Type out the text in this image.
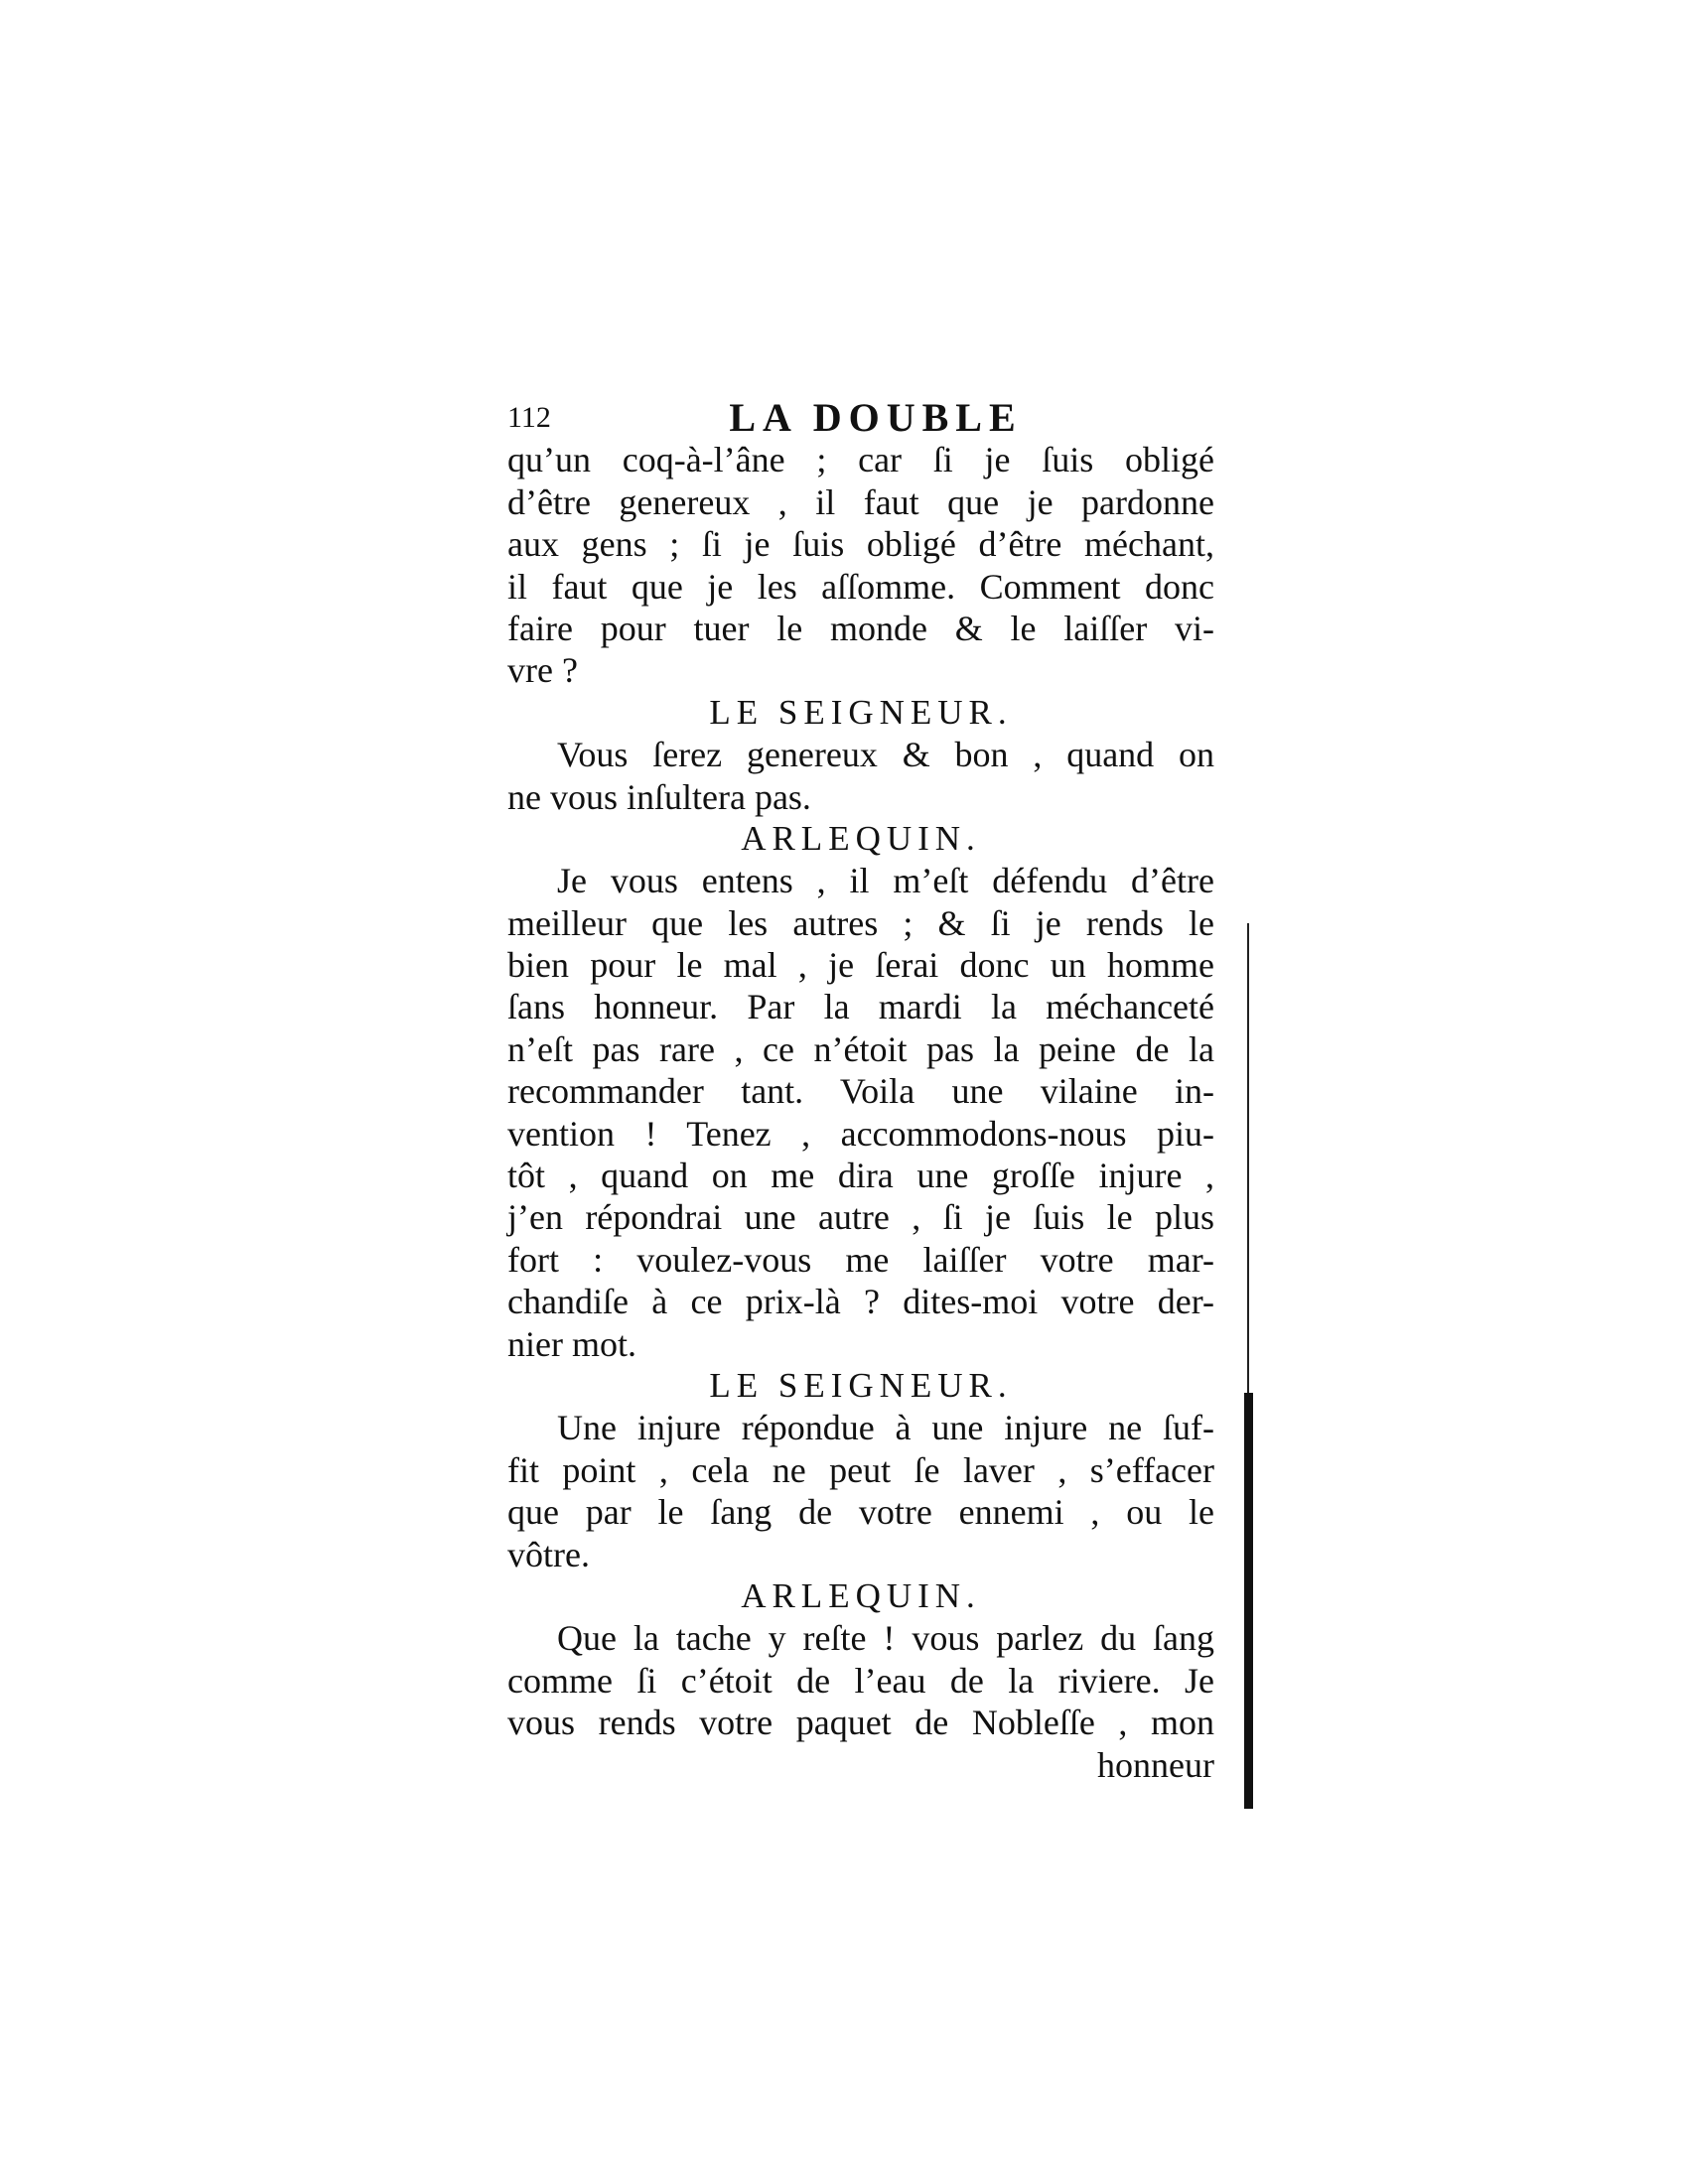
112	LA DOUBLE
qu’un coq-à-l’âne ; car ſi je ſuis obligé
d’être genereux , il faut que je pardonne
aux gens ; ſi je ſuis obligé d’être méchant,
il faut que je les aſſomme. Comment donc
faire pour tuer le monde & le laiſſer vi-
vre ?
LE SEIGNEUR.
Vous ſerez genereux & bon , quand on
ne vous inſultera pas.
ARLEQUIN.
Je vous entens , il m’eſt défendu d’être
meilleur que les autres ; & ſi je rends le
bien pour le mal , je ſerai donc un homme
ſans honneur. Par la mardi la méchanceté
n’eſt pas rare , ce n’étoit pas la peine de la
recommander tant. Voila une vilaine in-
vention ! Tenez , accommodons-nous piu-
tôt , quand on me dira une groſſe injure ,
j’en répondrai une autre , ſi je ſuis le plus
fort : voulez-vous me laiſſer votre mar-
chandiſe à ce prix-là ? dites-moi votre der-
nier mot.
LE SEIGNEUR.
Une injure répondue à une injure ne ſuf-
fit point , cela ne peut ſe laver , s’effacer
que par le ſang de votre ennemi , ou le
vôtre.
ARLEQUIN.
Que la tache y reſte ! vous parlez du ſang
comme ſi c’étoit de l’eau de la riviere. Je
vous rends votre paquet de Nobleſſe , mon
honneur
